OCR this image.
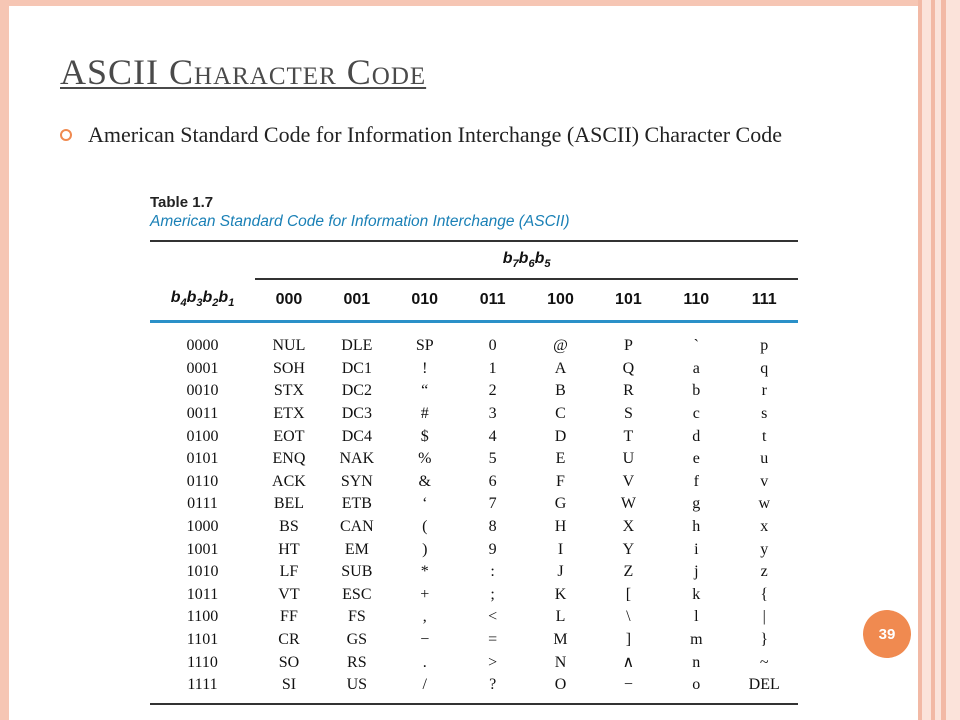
ASCII Character Code
American Standard Code for Information Interchange (ASCII) Character Code
Table 1.7
American Standard Code for Information Interchange (ASCII)
	$b_7b_6b_5$
$b_4b_3b_2b_1$	000	001	010	011	100	101	110	111
0000	NUL	DLE	SP	0	@	P	`	p
0001	SOH	DC1	!	1	A	Q	a	q
0010	STX	DC2	“	2	B	R	b	r
0011	ETX	DC3	#	3	C	S	c	s
0100	EOT	DC4	$	4	D	T	d	t
0101	ENQ	NAK	%	5	E	U	e	u
0110	ACK	SYN	&	6	F	V	f	v
0111	BEL	ETB	‘	7	G	W	g	w
1000	BS	CAN	(	8	H	X	h	x
1001	HT	EM	)	9	I	Y	i	y
1010	LF	SUB	*	:	J	Z	j	z
1011	VT	ESC	+	;	K	[	k	{
1100	FF	FS	,	<	L	\	l	|
1101	CR	GS	−	=	M	]	m	}
1110	SO	RS	.	>	N	∧	n	~
1111	SI	US	/	?	O	−	o	DEL
39
